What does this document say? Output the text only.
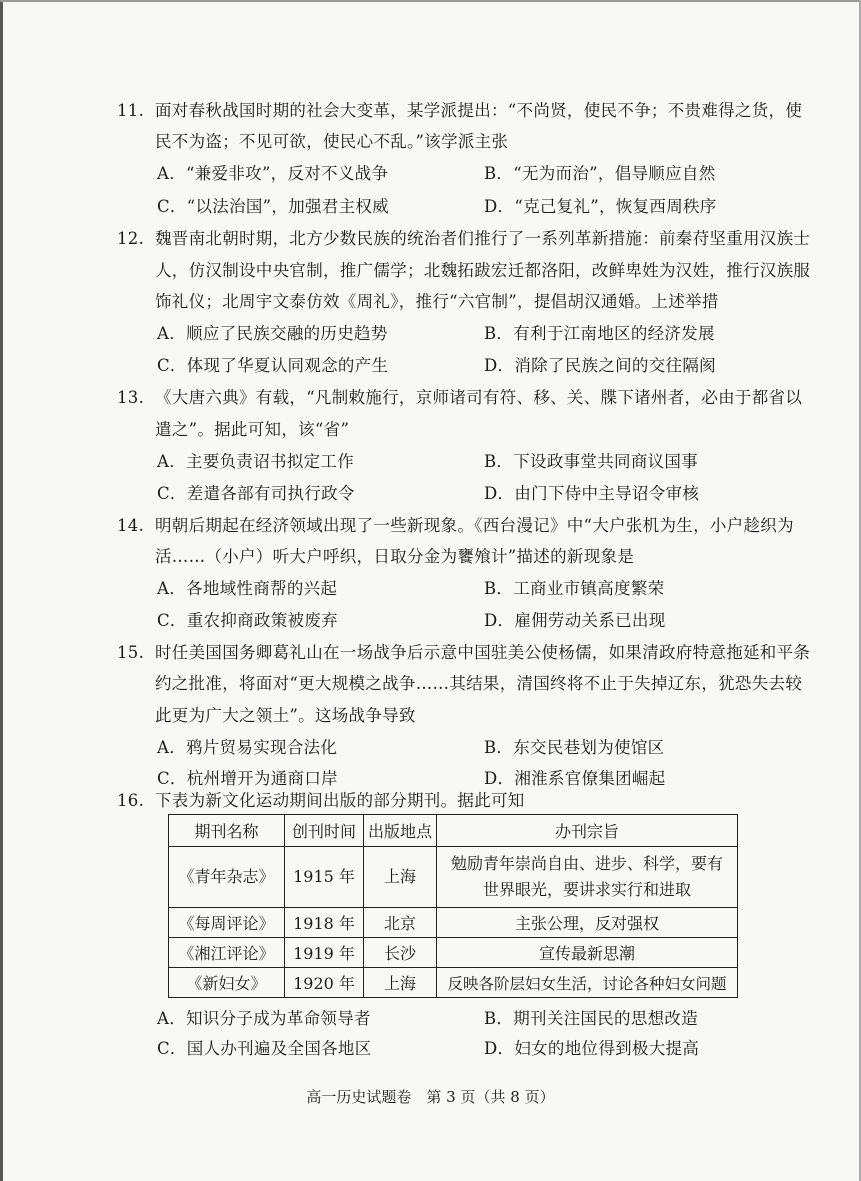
11. 面对春秋战国时期的社会大变革，某学派提出：“不尚贤，使民不争；不贵难得之货，使
民不为盗；不见可欲，使民心不乱。”该学派主张
A．“兼爱非攻”，反对不义战争	B．“无为而治”，倡导顺应自然
C．“以法治国”，加强君主权威	D．“克己复礼”，恢复西周秩序
12. 魏晋南北朝时期，北方少数民族的统治者们推行了一系列革新措施：前秦苻坚重用汉族士
人，仿汉制设中央官制，推广儒学；北魏拓跋宏迁都洛阳，改鲜卑姓为汉姓，推行汉族服
饰礼仪；北周宇文泰仿效《周礼》，推行“六官制”，提倡胡汉通婚。上述举措
A．顺应了民族交融的历史趋势	B．有利于江南地区的经济发展
C．体现了华夏认同观念的产生	D．消除了民族之间的交往隔阂
13. 《大唐六典》有载，“凡制敕施行，京师诸司有符、移、关、牒下诸州者，必由于都省以
遣之”。据此可知，该“省”
A．主要负责诏书拟定工作	B．下设政事堂共同商议国事
C．差遣各部有司执行政令	D．由门下侍中主导诏令审核
14. 明朝后期起在经济领域出现了一些新现象。《西台漫记》中“大户张机为生，小户趁织为
活……（小户）听大户呼织，日取分金为饔飧计”描述的新现象是
A．各地域性商帮的兴起	B．工商业市镇高度繁荣
C．重农抑商政策被废弃	D．雇佣劳动关系已出现
15. 时任美国国务卿葛礼山在一场战争后示意中国驻美公使杨儒，如果清政府特意拖延和平条
约之批准，将面对“更大规模之战争……其结果，清国终将不止于失掉辽东，犹恐失去较
此更为广大之领土”。这场战争导致
A．鸦片贸易实现合法化	B．东交民巷划为使馆区
C．杭州增开为通商口岸	D．湘淮系官僚集团崛起
16. 下表为新文化运动期间出版的部分期刊。据此可知
期刊名称	创刊时间	出版地点	办刊宗旨
《青年杂志》	1915 年	上海	勉励青年崇尚自由、进步、科学，要有
世界眼光，要讲求实行和进取

《每周评论》	1918 年	北京	主张公理，反对强权
《湘江评论》	1919 年	长沙	宣传最新思潮
《新妇女》	1920 年	上海	反映各阶层妇女生活，讨论各种妇女问题
A．知识分子成为革命领导者	B．期刊关注国民的思想改造
C．国人办刊遍及全国各地区	D．妇女的地位得到极大提高
高一历史试题卷　第 3 页（共 8 页）
